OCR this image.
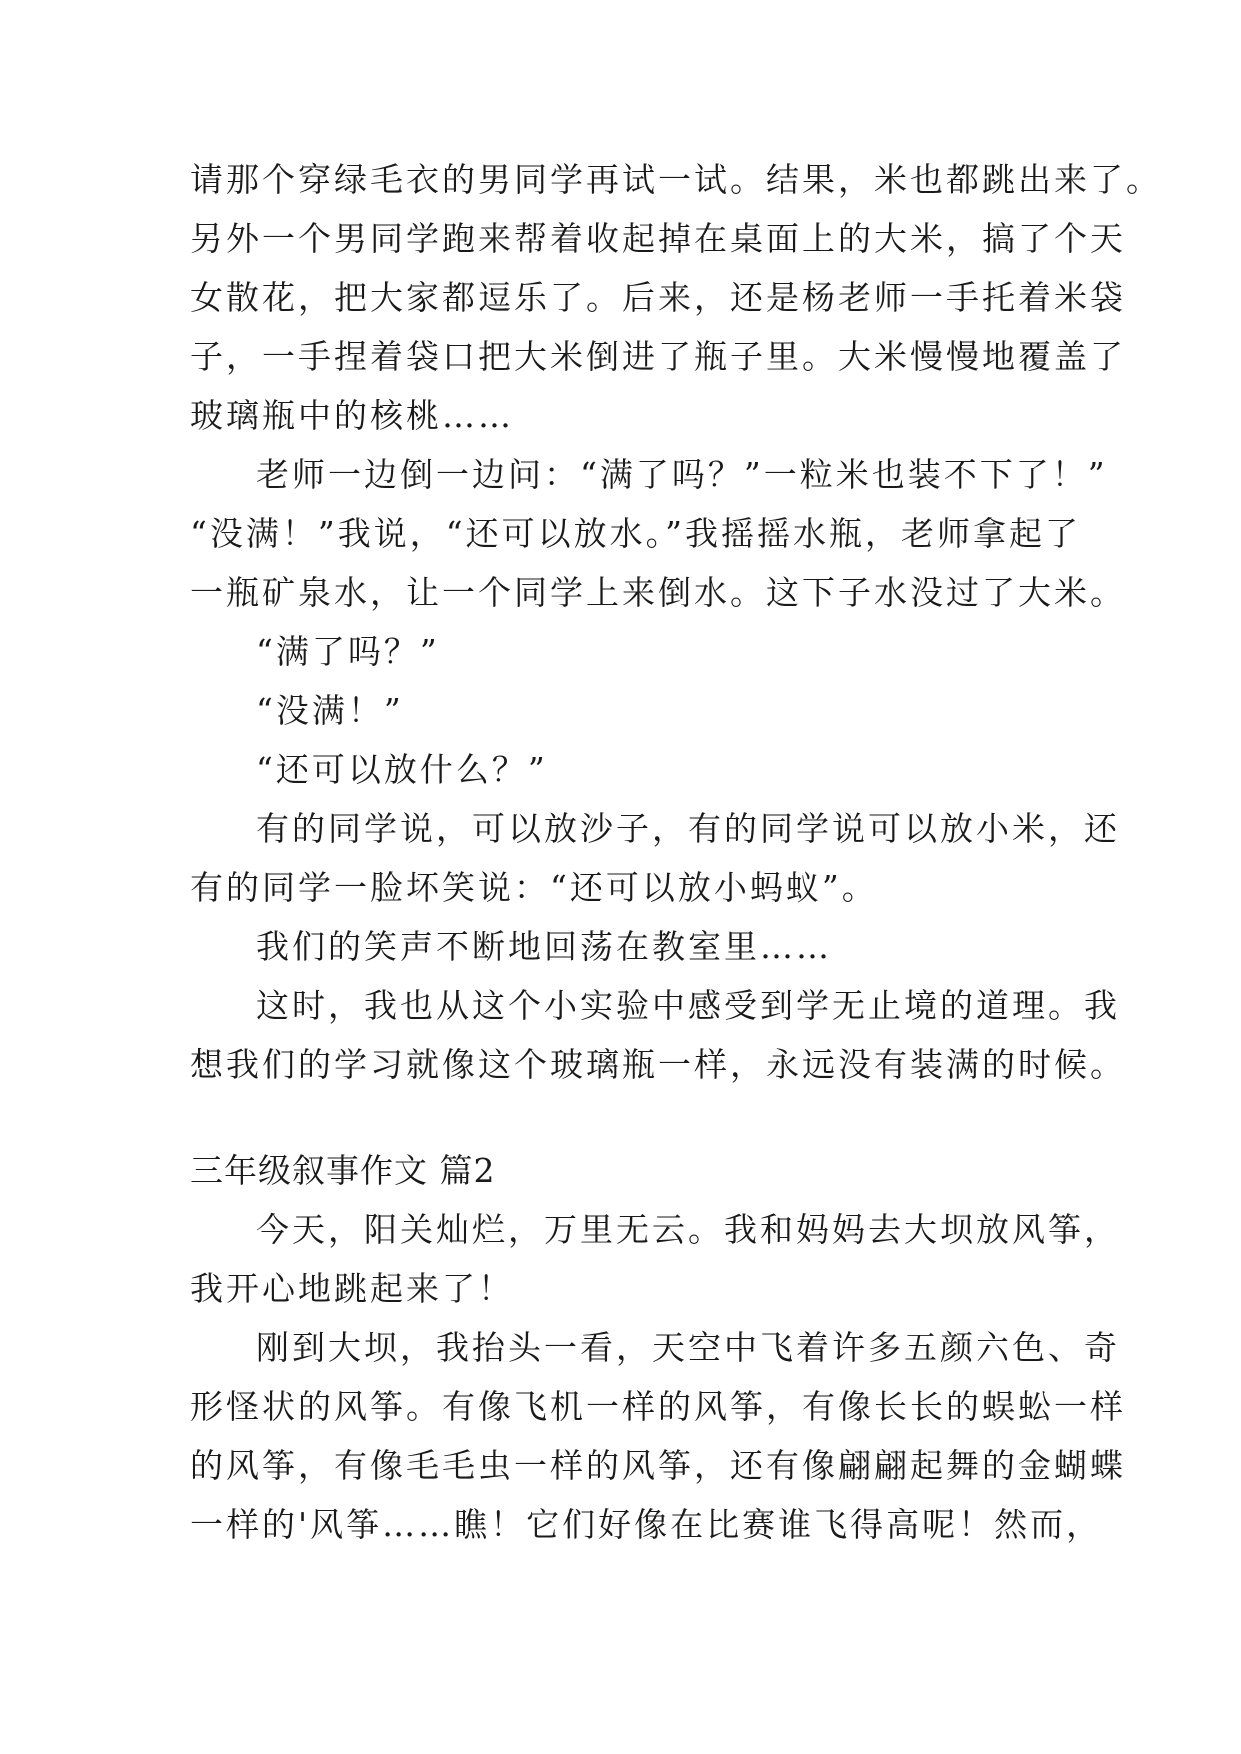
请那个穿绿毛衣的男同学再试一试。结果，米也都跳出来了。
另外一个男同学跑来帮着收起掉在桌面上的大米，搞了个天
女散花，把大家都逗乐了。后来，还是杨老师一手托着米袋
子，一手捏着袋口把大米倒进了瓶子里。大米慢慢地覆盖了
玻璃瓶中的核桃……
老师一边倒一边问：“满了吗？”一粒米也装不下了！”
“没满！”我说，“还可以放水。”我摇摇水瓶，老师拿起了
一瓶矿泉水，让一个同学上来倒水。这下子水没过了大米。
“满了吗？”
“没满！”
“还可以放什么？”
有的同学说，可以放沙子，有的同学说可以放小米，还
有的同学一脸坏笑说：“还可以放小蚂蚁”。
我们的笑声不断地回荡在教室里……
这时，我也从这个小实验中感受到学无止境的道理。我
想我们的学习就像这个玻璃瓶一样，永远没有装满的时候。
三年级叙事作文 篇2
今天，阳关灿烂，万里无云。我和妈妈去大坝放风筝，
我开心地跳起来了！
刚到大坝，我抬头一看，天空中飞着许多五颜六色、奇
形怪状的风筝。有像飞机一样的风筝，有像长长的蜈蚣一样
的风筝，有像毛毛虫一样的风筝，还有像翩翩起舞的金蝴蝶
一样的'风筝……瞧！它们好像在比赛谁飞得高呢！然而，
